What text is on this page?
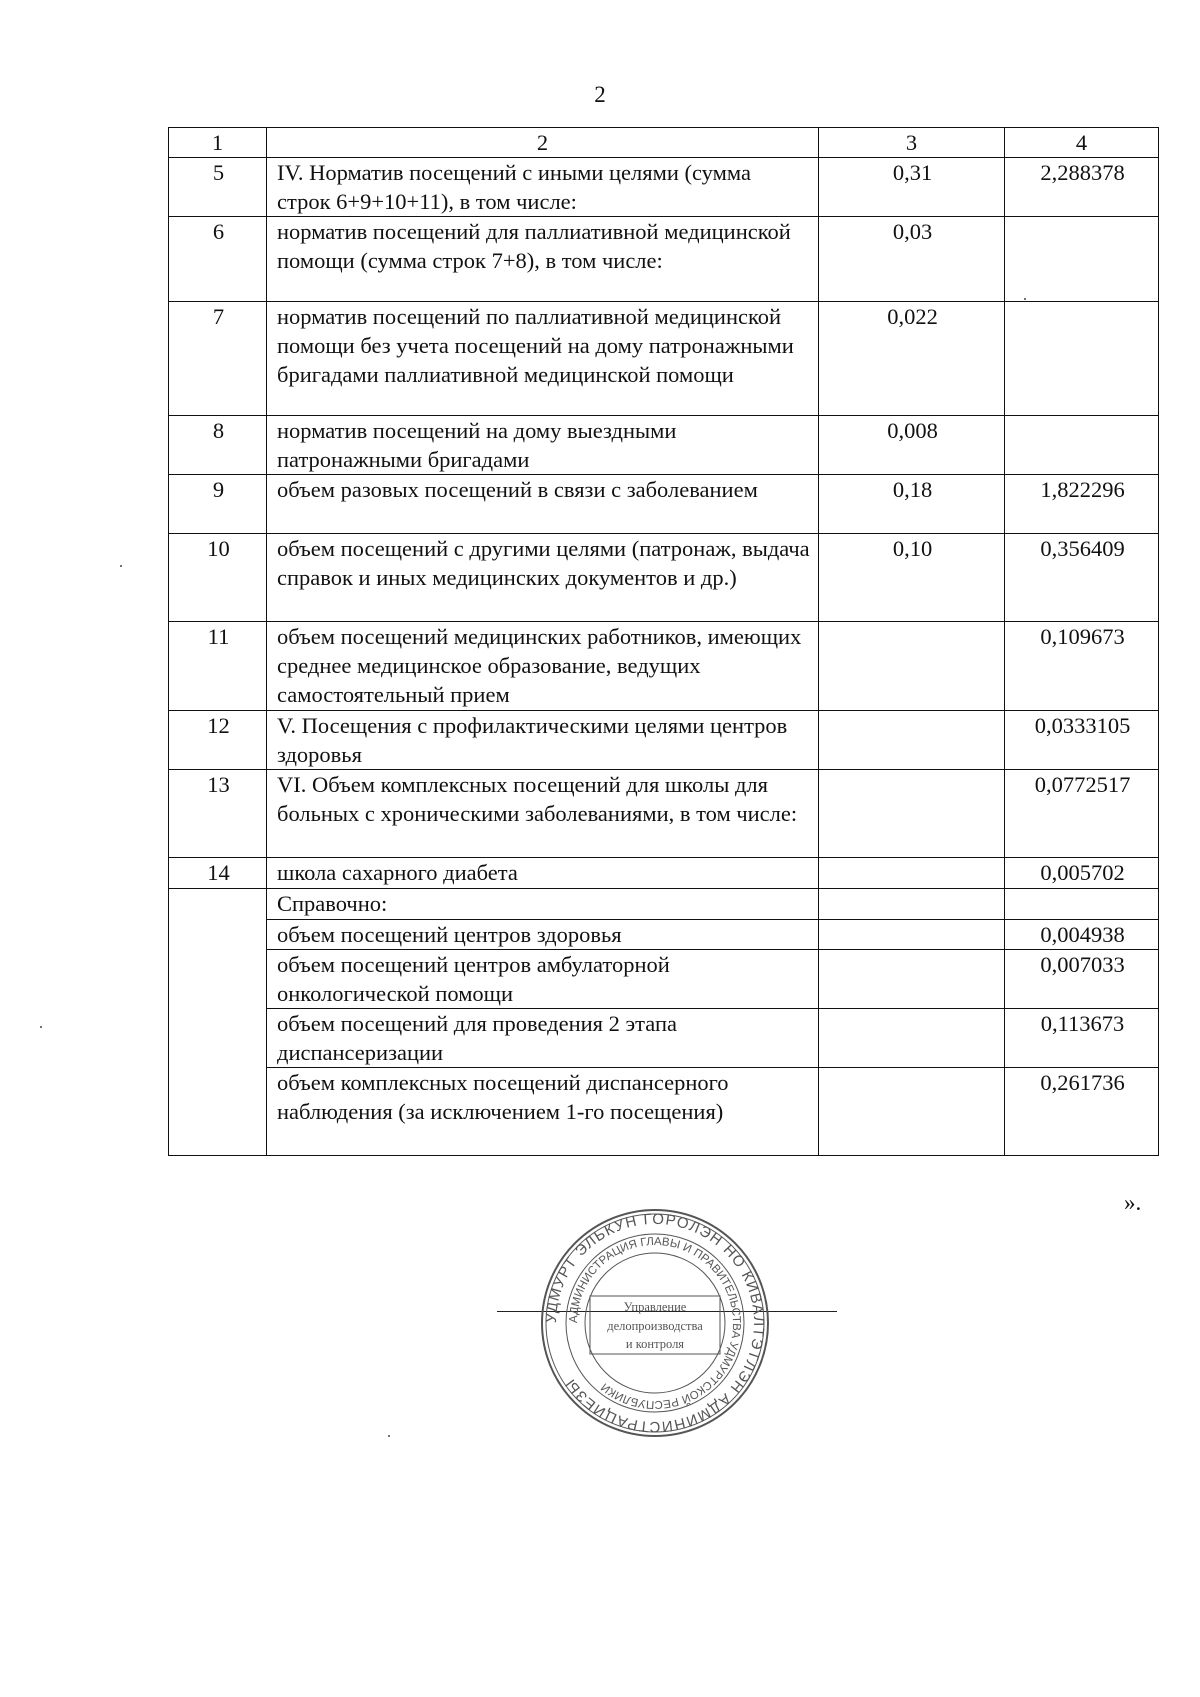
2
1	2	3	4
5	IV. Норматив посещений с иными целями (сумма строк 6+9+10+11), в том числе:	0,31	2,288378
6	норматив посещений для паллиативной медицинской помощи (сумма строк 7+8), в том числе:	0,03	
7	норматив посещений по паллиативной медицинской помощи без учета посещений на дому патронажными бригадами паллиативной медицинской помощи	0,022	
8	норматив посещений на дому выездными патронажными бригадами	0,008	
9	объем разовых посещений в связи с заболеванием	0,18	1,822296
10	объем посещений с другими целями (патронаж, выдача справок и иных медицинских документов и др.)	0,10	0,356409
11	объем посещений медицинских работников, имеющих среднее медицинское образование, ведущих самостоятельный прием		0,109673
12	V. Посещения с профилактическими целями центров здоровья		0,0333105
13	VI. Объем комплексных посещений для школы для больных с хроническими заболеваниями, в том числе:		0,0772517
14	школа сахарного диабета		0,005702
	Справочно:		
	объем посещений центров здоровья		0,004938
	объем посещений центров амбулаторной онкологической помощи		0,007033
	объем посещений для проведения 2 этапа диспансеризации		0,113673
	объем комплексных посещений диспансерного наблюдения (за исключением 1-го посещения)		0,261736
».
УДМУРТ ЭЛЬКУН ГОРОЛЭН НО КИВАЛТЭТЛЭН АДМИНИСТРАЦИЕЗЫ
АДМИНИСТРАЦИЯ ГЛАВЫ И ПРАВИТЕЛЬСТВА УДМУРТСКОЙ РЕСПУБЛИКИ
Управление
делопроизводства
и контроля
